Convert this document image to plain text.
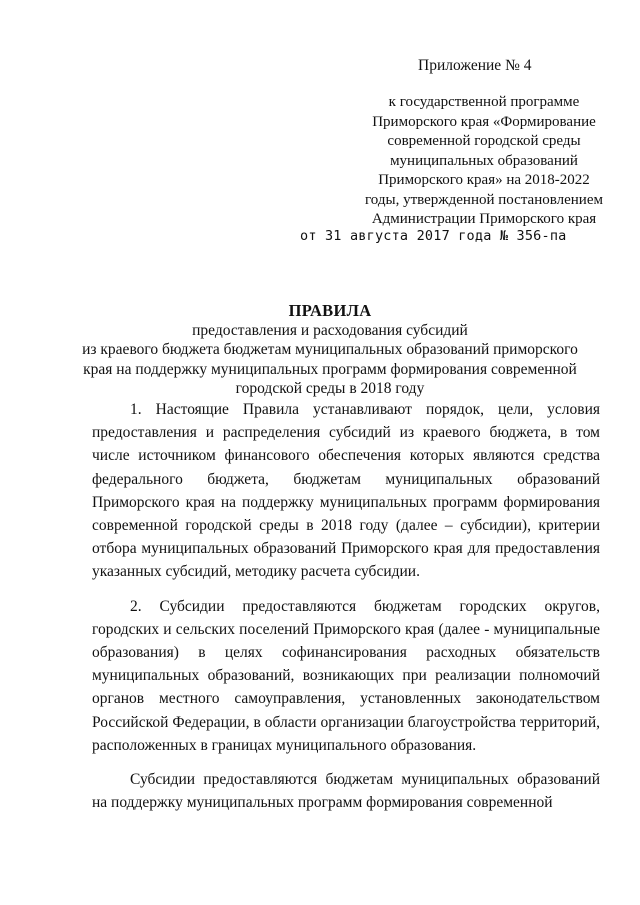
Приложение № 4
к государственной программе
Приморского края «Формирование
современной городской среды
муниципальных образований
Приморского края» на 2018-2022
годы, утвержденной постановлением
Администрации Приморского края
от 31 августа 2017 года № 356-па
ПРАВИЛА
предоставления и расходования субсидий
из краевого бюджета бюджетам муниципальных образований приморского
края на поддержку муниципальных программ формирования современной
городской среды в 2018 году

1. Настоящие Правила устанавливают порядок, цели, условия предоставления и распределения субсидий из краевого бюджета, в том числе источником финансового обеспечения которых являются средства федерального бюджета, бюджетам муниципальных образований Приморского края на поддержку муниципальных программ формирования современной городской среды в 2018 году (далее – субсидии), критерии отбора муниципальных образований Приморского края для предоставления указанных субсидий, методику расчета субсидии.

2. Субсидии предоставляются бюджетам городских округов, городских и сельских поселений Приморского края (далее - муниципальные образования) в целях софинансирования расходных обязательств муниципальных образований, возникающих при реализации полномочий органов местного самоуправления, установленных законодательством Российской Федерации, в области организации благоустройства территорий, расположенных в границах муниципального образования.

Субсидии предоставляются бюджетам муниципальных образований на поддержку муниципальных программ формирования современной
